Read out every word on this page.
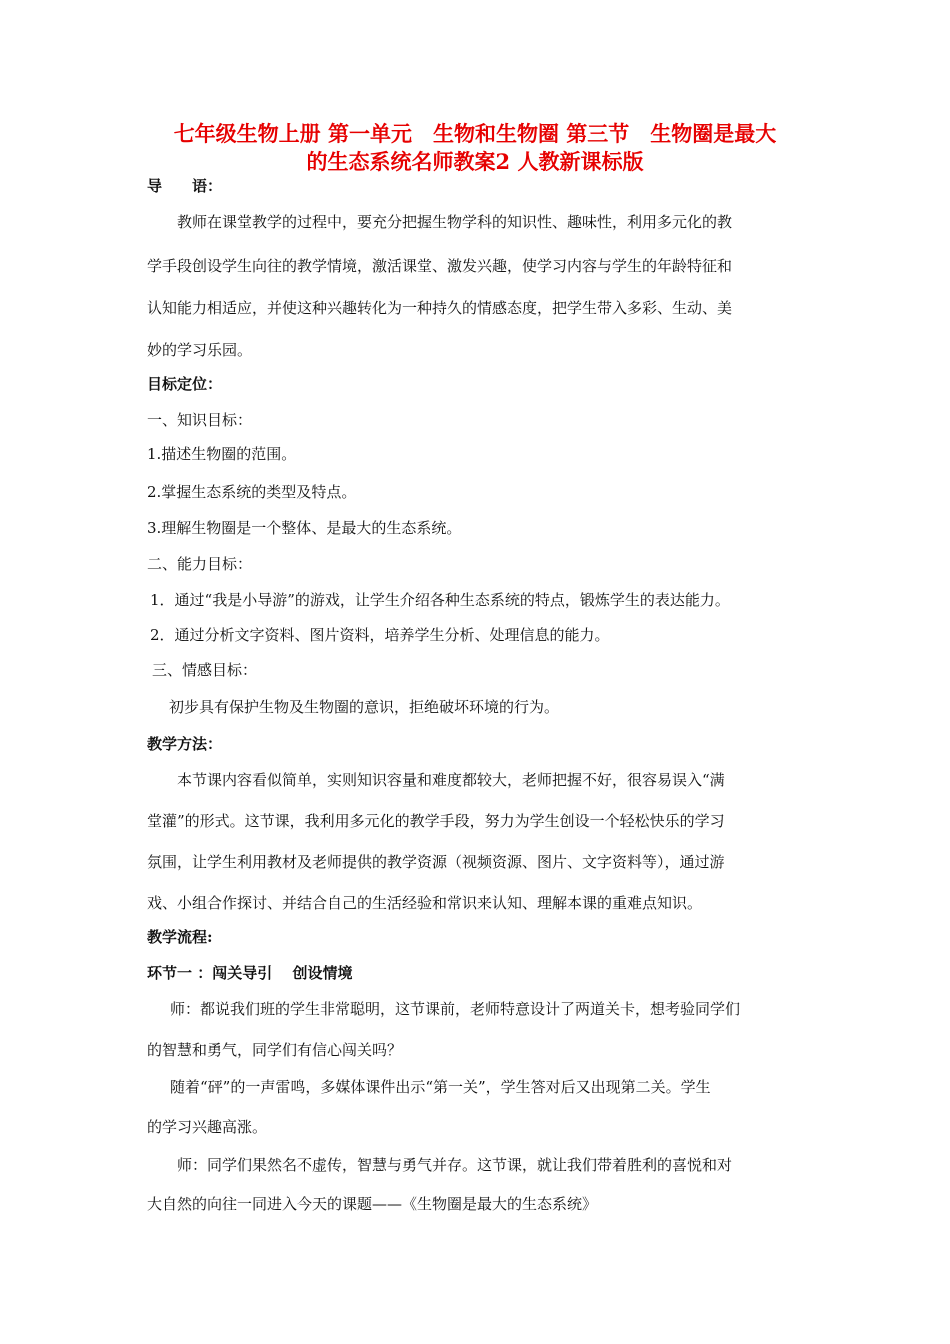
七年级生物上册 第一单元　生物和生物圈 第三节　生物圈是最大
的生态系统名师教案2 人教新课标版
导　　语：
教师在课堂教学的过程中，要充分把握生物学科的知识性、趣味性，利用多元化的教
学手段创设学生向往的教学情境，激活课堂、激发兴趣，使学习内容与学生的年龄特征和
认知能力相适应，并使这种兴趣转化为一种持久的情感态度，把学生带入多彩、生动、美
妙的学习乐园。
目标定位：
一、知识目标：
1.描述生物圈的范围。
2.掌握生态系统的类型及特点。
3.理解生物圈是一个整体、是最大的生态系统。
二、能力目标：
1．通过“我是小导游”的游戏，让学生介绍各种生态系统的特点，锻炼学生的表达能力。
2．通过分析文字资料、图片资料，培养学生分析、处理信息的能力。
三、情感目标：
初步具有保护生物及生物圈的意识，拒绝破坏环境的行为。
教学方法：
本节课内容看似简单，实则知识容量和难度都较大，老师把握不好，很容易误入“满
堂灌”的形式。这节课，我利用多元化的教学手段，努力为学生创设一个轻松快乐的学习
氛围，让学生利用教材及老师提供的教学资源（视频资源、图片、文字资料等），通过游
戏、小组合作探讨、并结合自己的生活经验和常识来认知、理解本课的重难点知识。
教学流程:
环节一 ：闯关导引　 创设情境
师：都说我们班的学生非常聪明，这节课前，老师特意设计了两道关卡，想考验同学们
的智慧和勇气，同学们有信心闯关吗？
随着“砰”的一声雷鸣，多媒体课件出示“第一关”，学生答对后又出现第二关。学生
的学习兴趣高涨。
师：同学们果然名不虚传，智慧与勇气并存。这节课，就让我们带着胜利的喜悦和对
大自然的向往一同进入今天的课题——《生物圈是最大的生态系统》
